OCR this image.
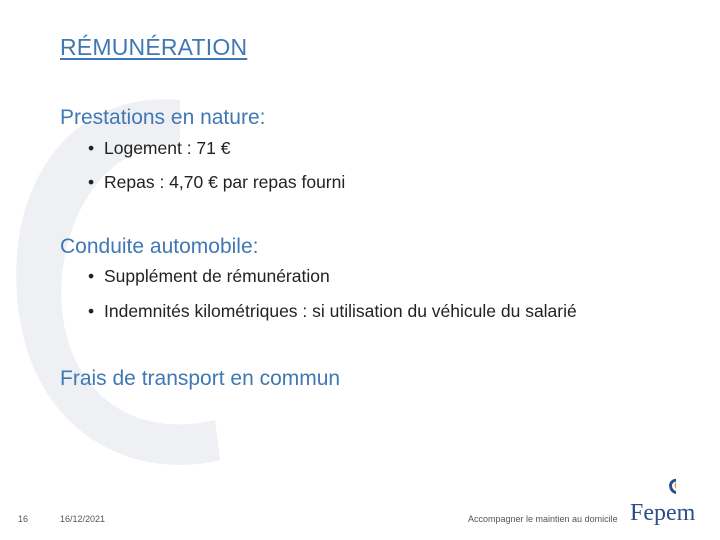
RÉMUNÉRATION
Prestations en nature:
• Logement : 71 €
• Repas : 4,70 € par repas fourni
Conduite automobile:
• Supplément de rémunération
• Indemnités kilométriques : si utilisation du véhicule du salarié
Frais de transport en commun
16	16/12/2021	Accompagner le maintien au domicile Fepem
